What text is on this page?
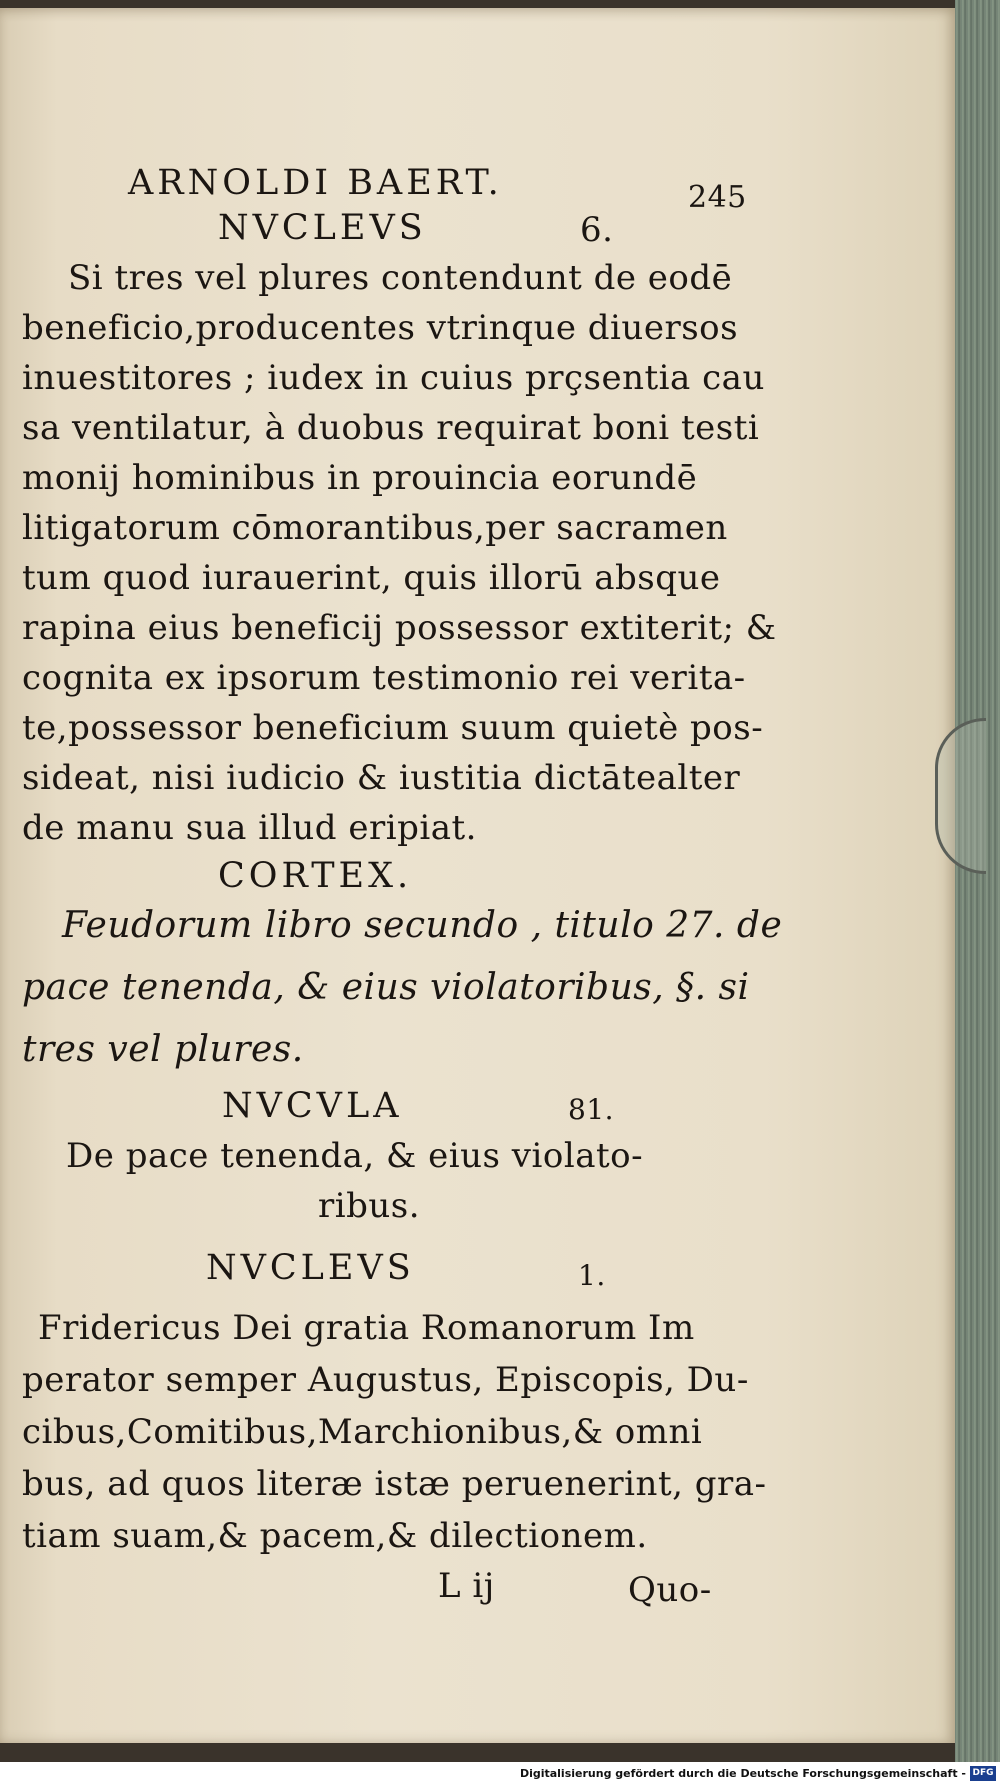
ARNOLDI BAERT.	245
NVCLEVS	6.
Si tres vel plures contendunt de eodē
beneficio,producentes vtrinque diuersos
inuestitores ; iudex in cuius prçsentia cau
sa ventilatur, à duobus requirat boni testi
monij hominibus in prouincia eorundē
litigatorum cōmorantibus,per sacramen
tum quod iurauerint, quis illorū absque
rapina eius beneficij possessor extiterit; &
cognita ex ipsorum testimonio rei verita-
te,possessor beneficium suum quietè pos-
sideat, nisi iudicio & iustitia dictātealter
de manu sua illud eripiat.
CORTEX.
Feudorum libro secundo , titulo 27. de
pace tenenda, & eius violatoribus, §. si
tres vel plures.
NVCVLA	81.
De pace tenenda, & eius violato-
ribus.
NVCLEVS	1.
Fridericus Dei gratia Romanorum Im
perator semper Augustus, Episcopis, Du-
cibus,Comitibus,Marchionibus,& omni
bus, ad quos literæ istæ peruenerint, gra-
tiam suam,& pacem,& dilectionem.
L ij	Quo-
Digitalisierung gefördert durch die Deutsche Forschungsgemeinschaft - DFG
